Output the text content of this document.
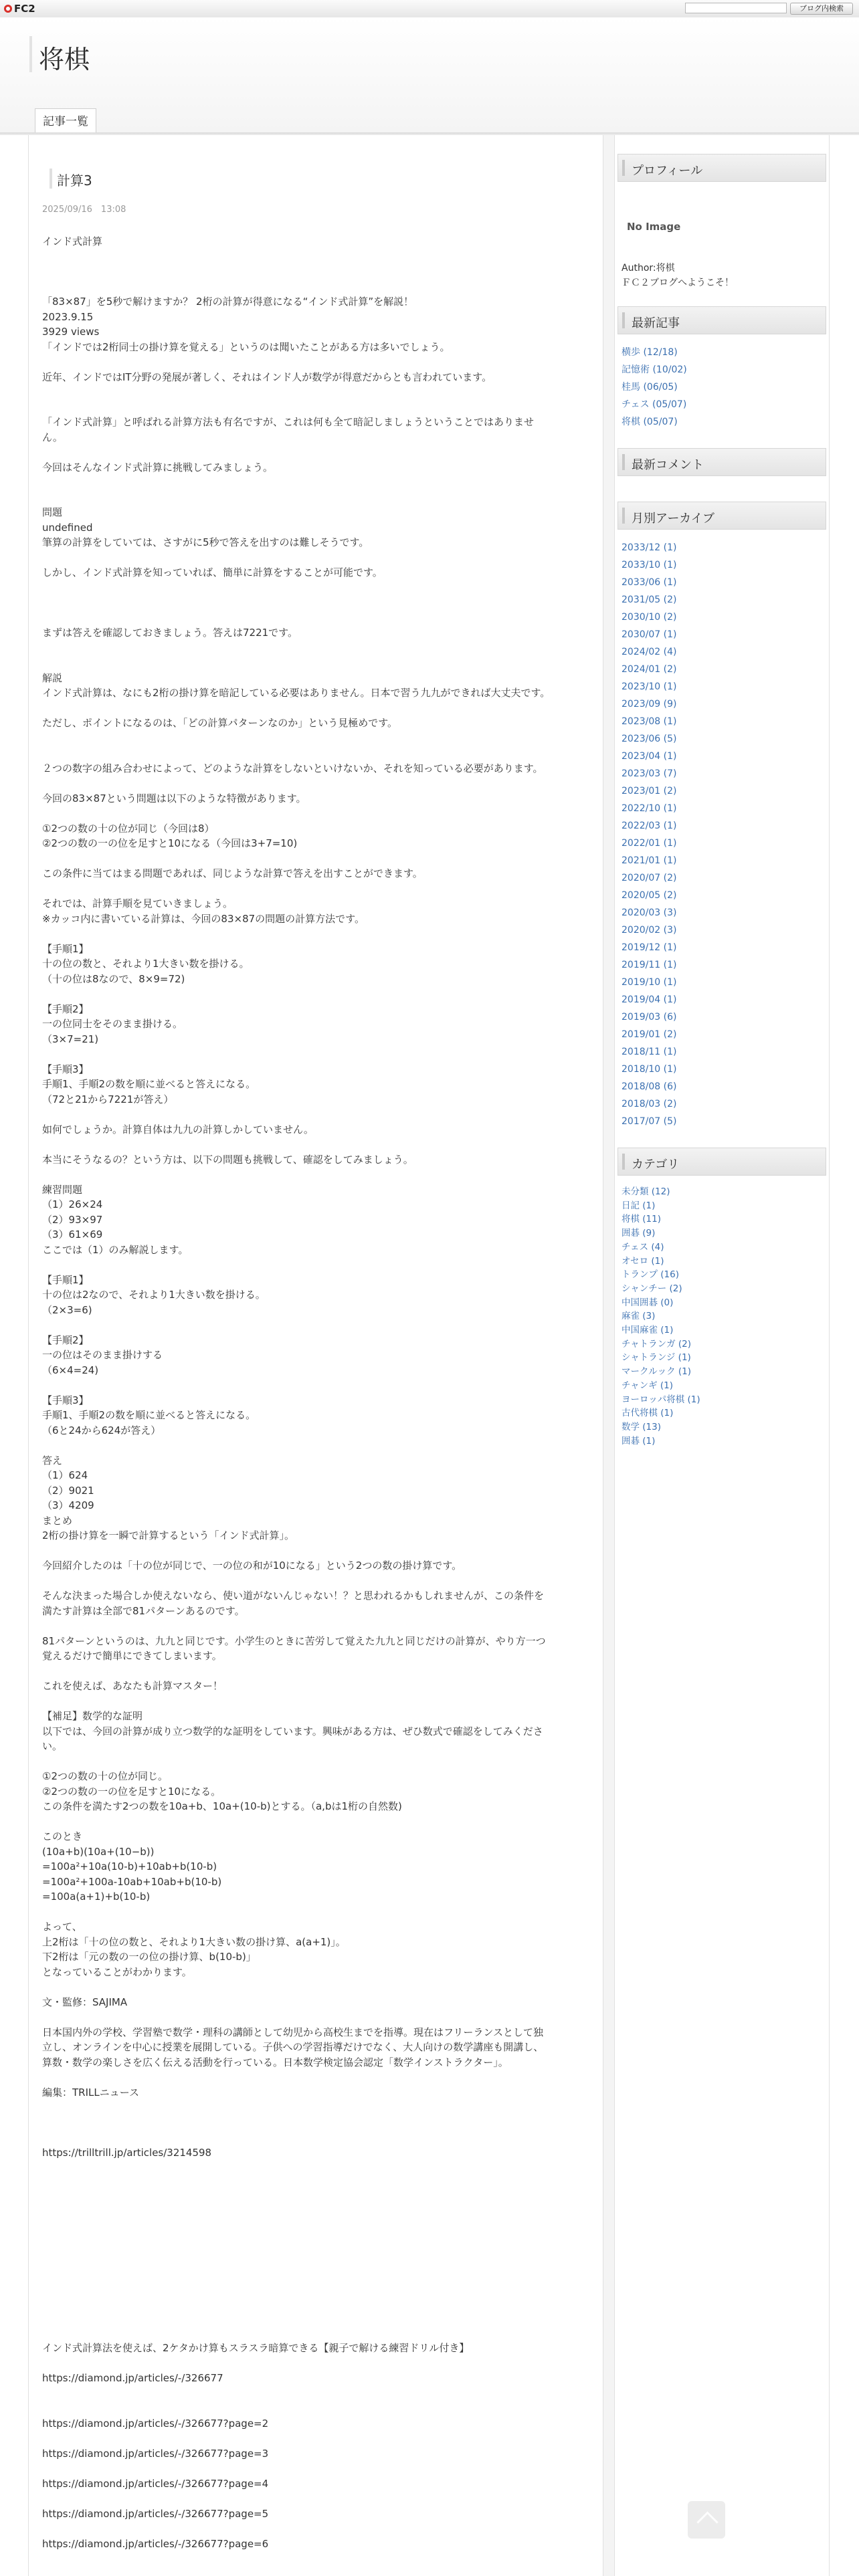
FC2	ブログ内検索
将棋
記事一覧
計算3
2025/09/16　13:08

インド式計算

「83×87」を5秒で解けますか？ 2桁の計算が得意になる“インド式計算”を解説！

2023.9.15

3929 views

「インドでは2桁同士の掛け算を覚える」というのは聞いたことがある方は多いでしょう。

近年、インドではIT分野の発展が著しく、それはインド人が数学が得意だからとも言われています。

「インド式計算」と呼ばれる計算方法も有名ですが、これは何も全て暗記しましょうということではありませ

ん。

今回はそんなインド式計算に挑戦してみましょう。

問題

undefined

筆算の計算をしていては、さすがに5秒で答えを出すのは難しそうです。

しかし、インド式計算を知っていれば、簡単に計算をすることが可能です。

まずは答えを確認しておきましょう。答えは7221です。

解説

インド式計算は、なにも2桁の掛け算を暗記している必要はありません。日本で習う九九ができれば大丈夫です。

ただし、ポイントになるのは、「どの計算パターンなのか」という見極めです。

２つの数字の組み合わせによって、どのような計算をしないといけないか、それを知っている必要があります。

今回の83×87という問題は以下のような特徴があります。

①2つの数の十の位が同じ（今回は8）

②2つの数の一の位を足すと10になる（今回は3+7=10)

この条件に当てはまる問題であれば、同じような計算で答えを出すことができます。

それでは、計算手順を見ていきましょう。

※カッコ内に書いている計算は、今回の83×87の問題の計算方法です。

【手順1】

十の位の数と、それより1大きい数を掛ける。

（十の位は8なので、8×9=72)

【手順2】

一の位同士をそのまま掛ける。

（3×7=21)

【手順3】

手順1、手順2の数を順に並べると答えになる。

（72と21から7221が答え）

如何でしょうか。計算自体は九九の計算しかしていません。

本当にそうなるの？という方は、以下の問題も挑戦して、確認をしてみましょう。

練習問題

（1）26×24

（2）93×97

（3）61×69

ここでは（1）のみ解説します。

【手順1】

十の位は2なので、それより1大きい数を掛ける。

（2×3=6)

【手順2】

一の位はそのまま掛けする

（6×4=24)

【手順3】

手順1、手順2の数を順に並べると答えになる。

（6と24から624が答え）

答え

（1）624

（2）9021

（3）4209

まとめ

2桁の掛け算を一瞬で計算するという「インド式計算」。

今回紹介したのは「十の位が同じで、一の位の和が10になる」という2つの数の掛け算です。

そんな決まった場合しか使えないなら、使い道がないんじゃない！？と思われるかもしれませんが、この条件を

満たす計算は全部で81パターンあるのです。

81パターンというのは、九九と同じです。小学生のときに苦労して覚えた九九と同じだけの計算が、やり方一つ

覚えるだけで簡単にできてしまいます。

これを使えば、あなたも計算マスター！

【補足】数学的な証明

以下では、今回の計算が成り立つ数学的な証明をしています。興味がある方は、ぜひ数式で確認をしてみくださ

い。

①2つの数の十の位が同じ。

②2つの数の一の位を足すと10になる。

この条件を満たす2つの数を10a+b、10a+(10-b)とする。（a,bは1桁の自然数)

このとき

(10a+b)(10a+(10−b))

=100a²+10a(10-b)+10ab+b(10-b)

=100a²+100a-10ab+10ab+b(10-b)

=100a(a+1)+b(10-b)

よって、

上2桁は「十の位の数と、それより1大きい数の掛け算、a(a+1)」。

下2桁は「元の数の一の位の掛け算、b(10-b)」

となっていることがわかります。

文・監修：SAJIMA

日本国内外の学校、学習塾で数学・理科の講師として幼児から高校生までを指導。現在はフリーランスとして独

立し、オンラインを中心に授業を展開している。子供への学習指導だけでなく、大人向けの数学講座も開講し、

算数・数学の楽しさを広く伝える活動を行っている。日本数学検定協会認定「数学インストラクター」。

編集：TRILLニュース

https://trilltrill.jp/articles/3214598

インド式計算法を使えば、2ケタかけ算もスラスラ暗算できる【親子で解ける練習ドリル付き】

https://diamond.jp/articles/-/326677

https://diamond.jp/articles/-/326677?page=2

https://diamond.jp/articles/-/326677?page=3

https://diamond.jp/articles/-/326677?page=4

https://diamond.jp/articles/-/326677?page=5

https://diamond.jp/articles/-/326677?page=6

プロフィール
No Image
Author:将棋
ＦＣ２ブログへようこそ！
最新記事
横歩 (12/18)
記憶術 (10/02)
桂馬 (06/05)
チェス (05/07)
将棋 (05/07)
最新コメント
月別アーカイブ
2033/12 (1)
2033/10 (1)
2033/06 (1)
2031/05 (2)
2030/10 (2)
2030/07 (1)
2024/02 (4)
2024/01 (2)
2023/10 (1)
2023/09 (9)
2023/08 (1)
2023/06 (5)
2023/04 (1)
2023/03 (7)
2023/01 (2)
2022/10 (1)
2022/03 (1)
2022/01 (1)
2021/01 (1)
2020/07 (2)
2020/05 (2)
2020/03 (3)
2020/02 (3)
2019/12 (1)
2019/11 (1)
2019/10 (1)
2019/04 (1)
2019/03 (6)
2019/01 (2)
2018/11 (1)
2018/10 (1)
2018/08 (6)
2018/03 (2)
2017/07 (5)
カテゴリ
未分類 (12)
日記 (1)
将棋 (11)
囲碁 (9)
チェス (4)
オセロ (1)
トランプ (16)
シャンチー (2)
中国囲碁 (0)
麻雀 (3)
中国麻雀 (1)
チャトランガ (2)
シャトランジ (1)
マークルック (1)
チャンギ (1)
ヨーロッパ将棋 (1)
古代将棋 (1)
数学 (13)
囲碁 (1)
